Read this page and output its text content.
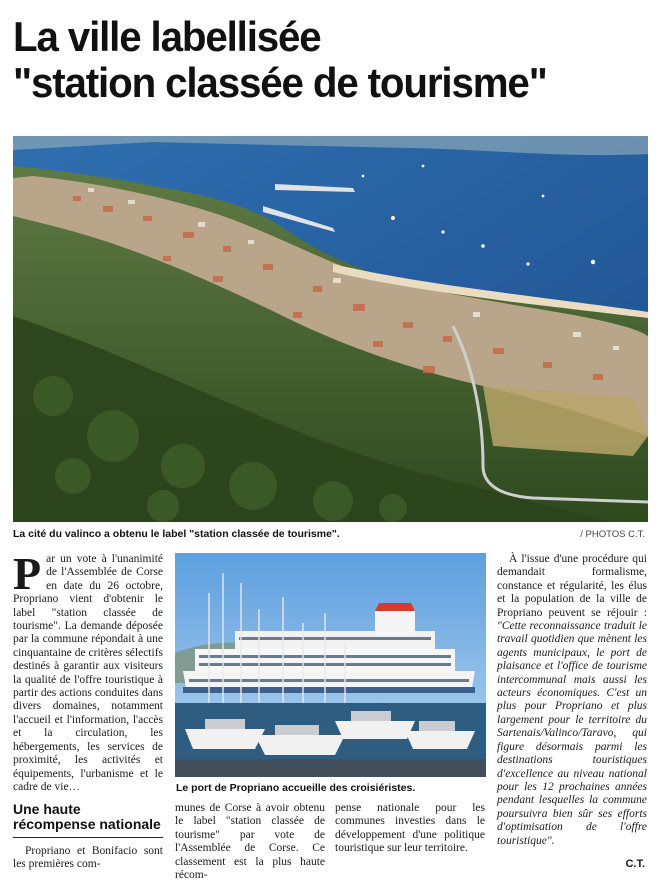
La ville labellisée
"station classée de tourisme"
La cité du valinco a obtenu le label "station classée de tourisme".	/ PHOTOS C.T.

Par un vote à l'unanimité de l'Assemblée de Corse en date du 26 octobre, Propriano vient d'obtenir le label "station classée de tourisme". La demande déposée par la commune répondait à une cinquantaine de critères sélectifs destinés à garantir aux visiteurs la qualité de l'offre touristique à partir des actions conduites dans divers domaines, notamment l'accueil et l'information, l'accès et la circulation, les hébergements, les services de proximité, les activités et équipements, l'urbanisme et le cadre de vie…

Une haute récompense nationale

Propriano et Bonifacio sont les premières com-

Le port de Propriano accueille des croisiéristes.

munes de Corse à avoir obtenu le label "station classée de tourisme" par vote de l'Assemblée de Corse. Ce classement est la plus haute récom-

pense nationale pour les communes investies dans le développement d'une politique touristique sur leur territoire.

À l'issue d'une procédure qui demandait formalisme, constance et régularité, les élus et la population de la ville de Propriano peuvent se réjouir : "Cette reconnaissance traduit le travail quotidien que mènent les agents municipaux, le port de plaisance et l'office de tourisme intercommunal mais aussi les acteurs économiques. C'est un plus pour Propriano et plus largement pour le territoire du Sartenais/Valinco/Taravo, qui figure désormais parmi les destinations touristiques d'excellence au niveau national pour les 12 prochaines années pendant lesquelles la commune poursuivra bien sûr ses efforts d'optimisation de l'offre touristique".

C.T.
